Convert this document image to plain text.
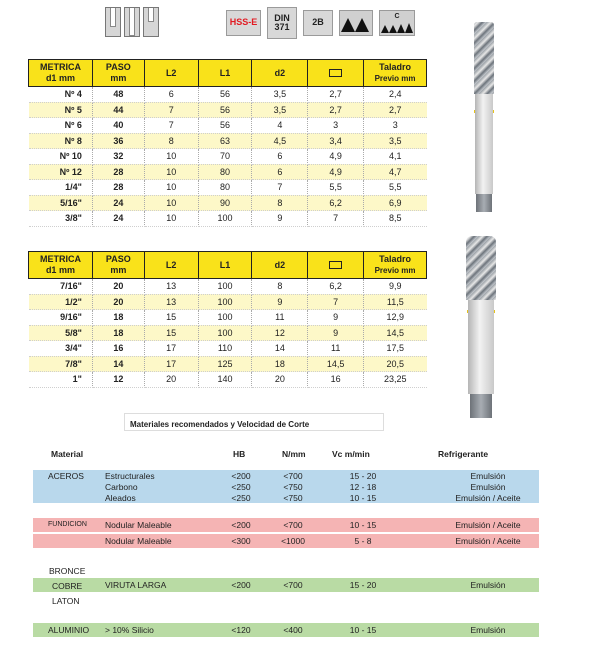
HSS-E	DIN
371	2B
C
METRICA
d1 mm	PASO
mm	L2	L1	d2		Taladro
Previo mm
Nº 4	48	6	56	3,5	2,7	2,4
Nº 5	44	7	56	3,5	2,7	2,7
Nº 6	40	7	56	4	3	3
Nº 8	36	8	63	4,5	3,4	3,5
Nº 10	32	10	70	6	4,9	4,1
Nº 12	28	10	80	6	4,9	4,7
1/4"	28	10	80	7	5,5	5,5
5/16"	24	10	90	8	6,2	6,9
3/8"	24	10	100	9	7	8,5
METRICA
d1 mm	PASO
mm	L2	L1	d2		Taladro
Previo mm
7/16"	20	13	100	8	6,2	9,9
1/2"	20	13	100	9	7	11,5
9/16"	18	15	100	11	9	12,9
5/8"	18	15	100	12	9	14,5
3/4"	16	17	110	14	11	17,5
7/8"	14	17	125	18	14,5	20,5
1"	12	20	140	20	16	23,25
Materiales recomendados y Velocidad de Corte
Material	HB	N/mm	Vc m/min	Refrigerante
ACEROS Estructurales	<200	<700	15 - 20	Emulsión
Carbono	<250	<750	12 - 18	Emulsión
Aleados	<250	<750	10 - 15	Emulsión / Aceite
FUNDICION Nodular Maleable	<200	<700	10 - 15	Emulsión / Aceite
Nodular Maleable	<300	<1000	5 - 8	Emulsión / Aceite
BRONCE
COBRE
LATON
VIRUTA LARGA	<200	<700	15 - 20	Emulsión
ALUMINIO > 10% Silicio	<120	<400	10 - 15	Emulsión
